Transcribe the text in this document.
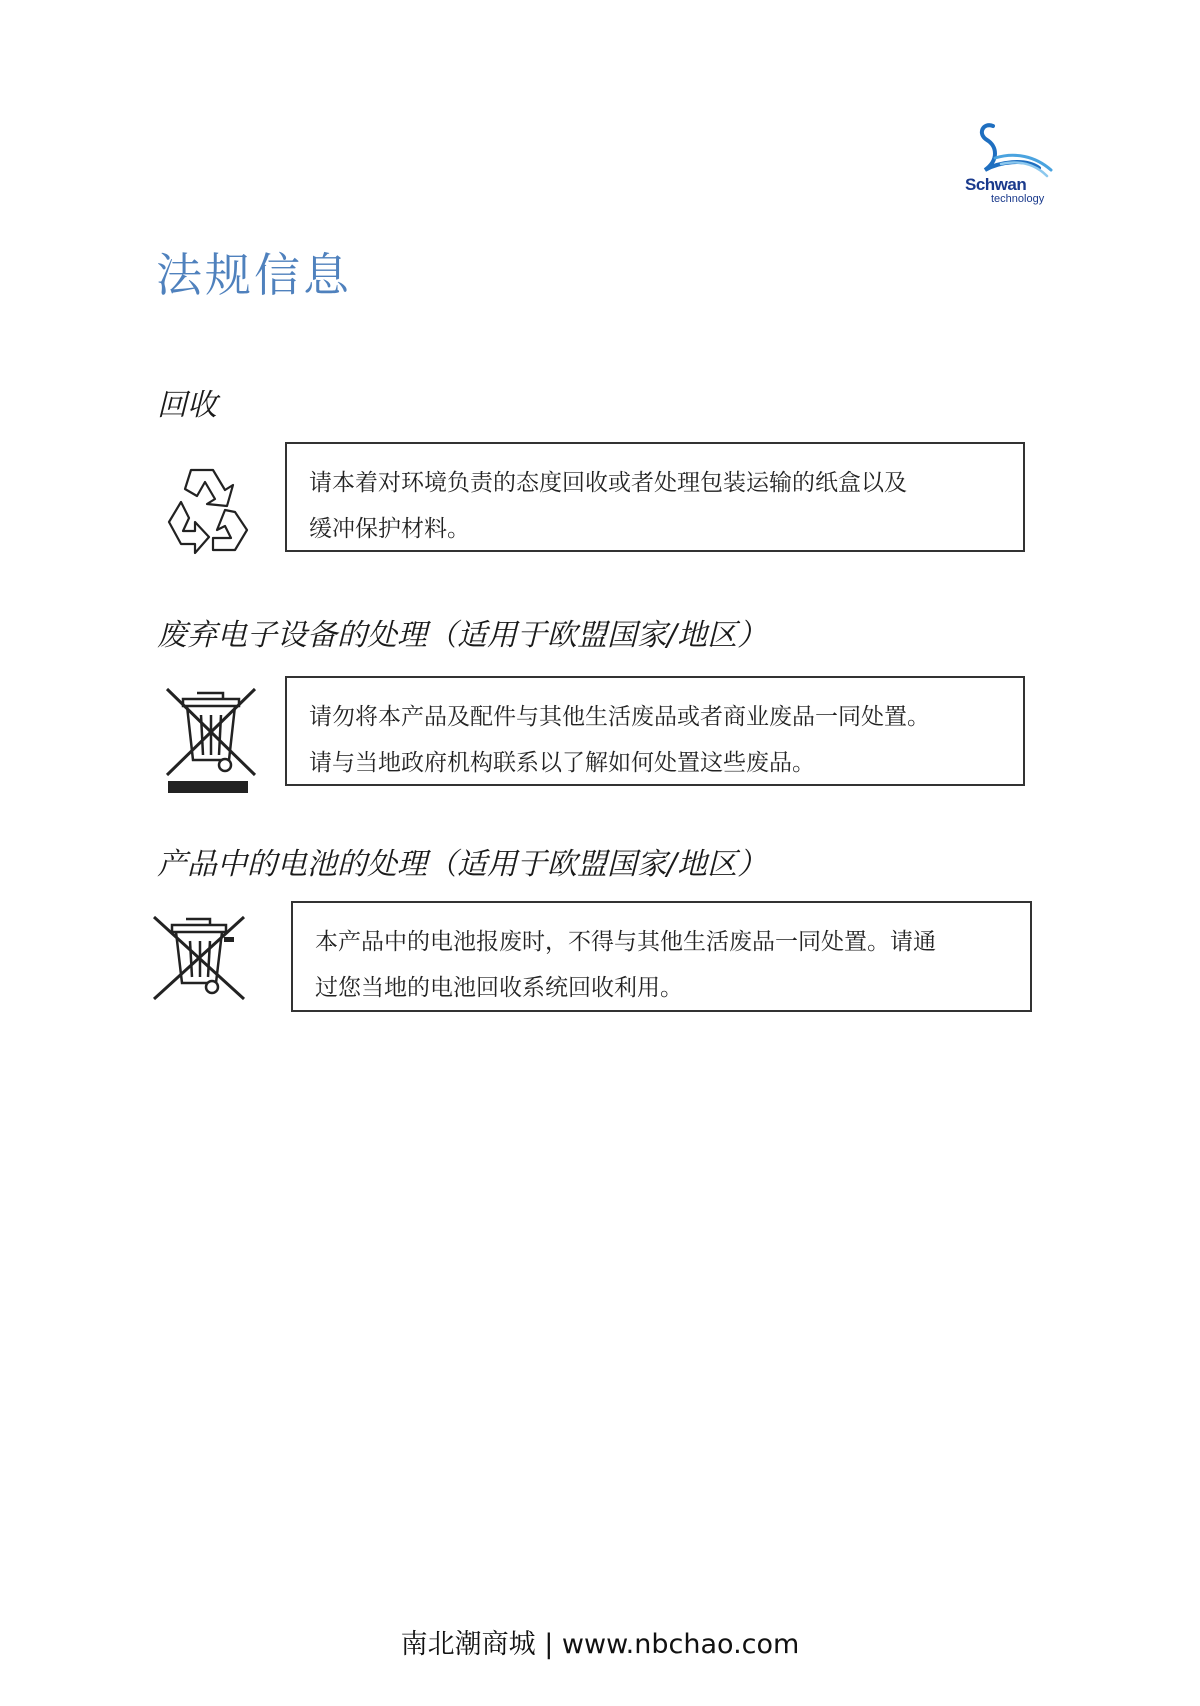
Schwan
technology
法规信息
回收

请本着对环境负责的态度回收或者处理包装运输的纸盒以及

缓冲保护材料。

废弃电子设备的处理（适用于欧盟国家/地区）

请勿将本产品及配件与其他生活废品或者商业废品一同处置。

请与当地政府机构联系以了解如何处置这些废品。

产品中的电池的处理（适用于欧盟国家/地区）

本产品中的电池报废时，不得与其他生活废品一同处置。请通

过您当地的电池回收系统回收利用。

南北潮商城 | www.nbchao.com
